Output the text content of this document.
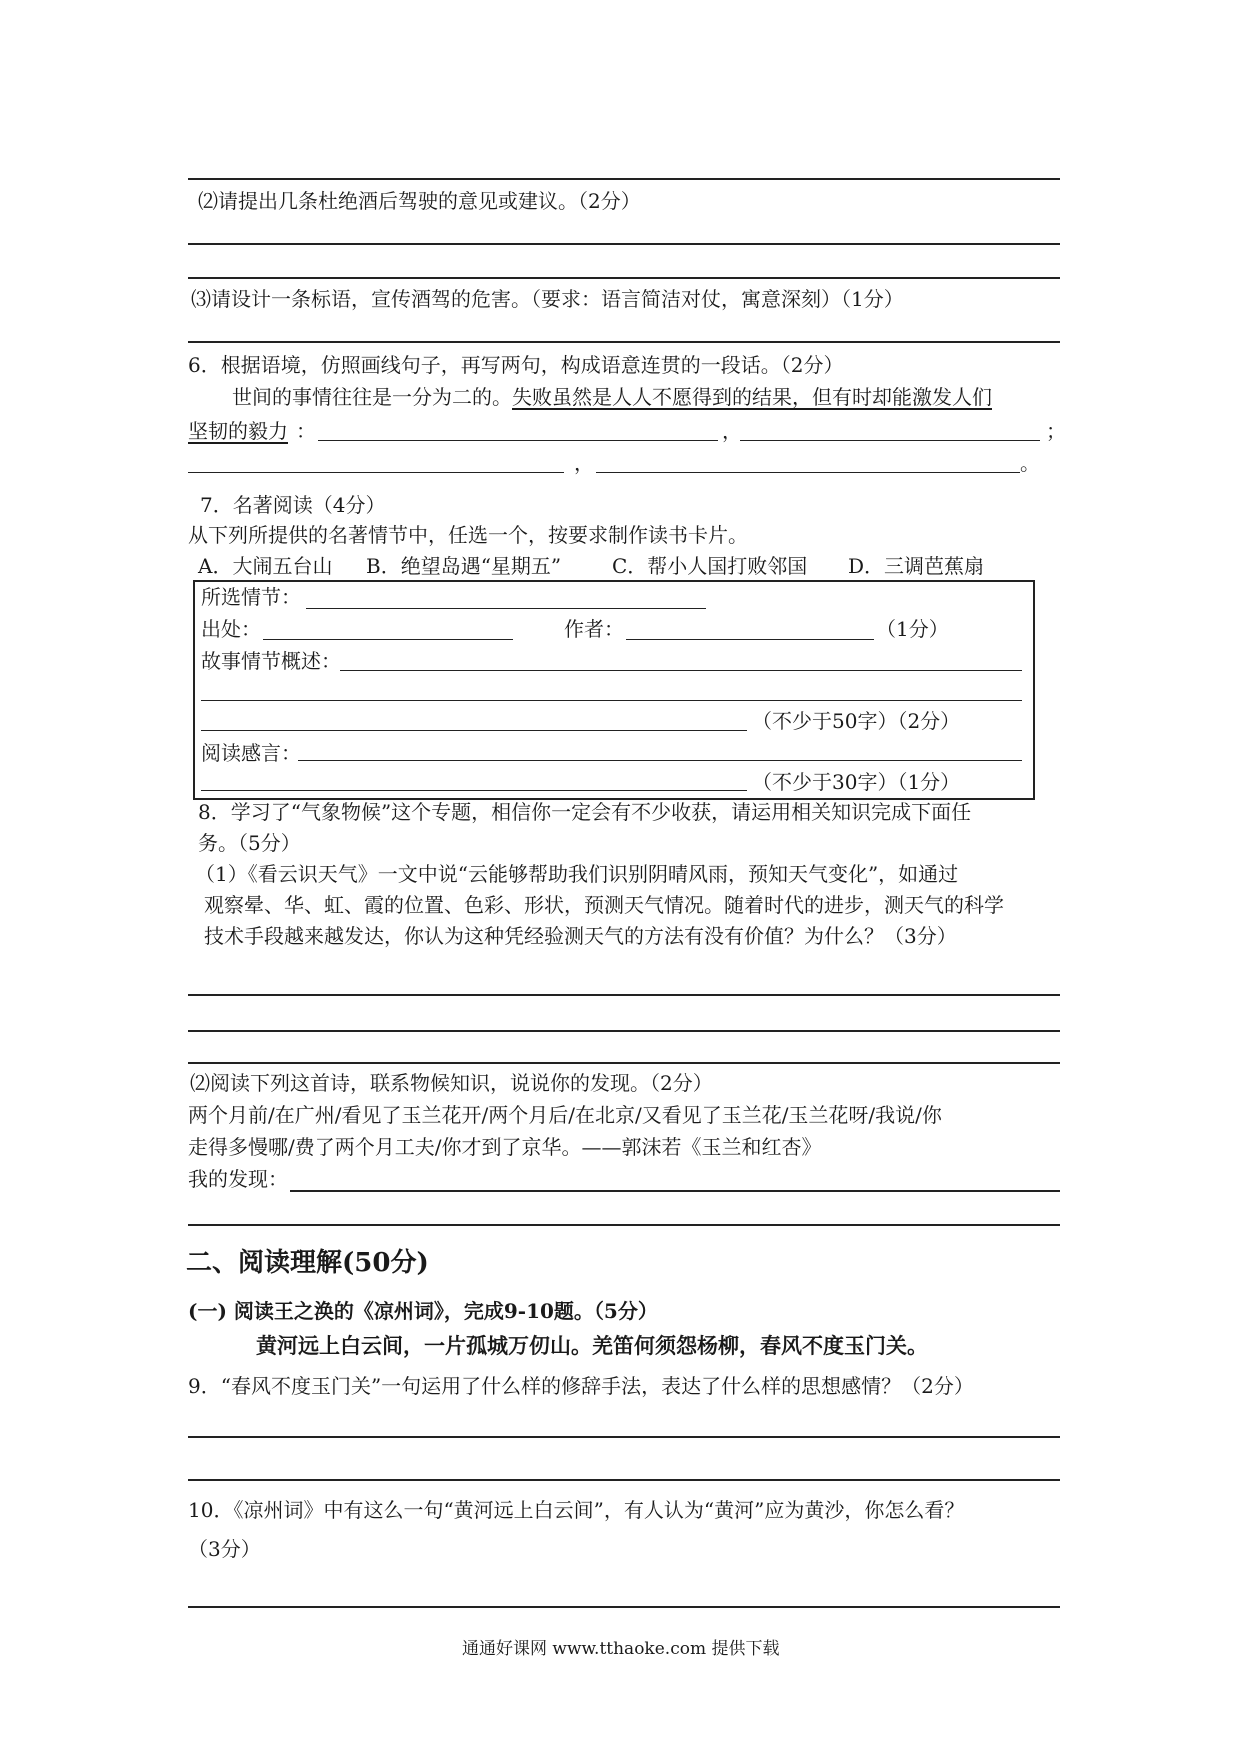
⑵请提出几条杜绝酒后驾驶的意见或建议。（2分）
⑶请设计一条标语，宣传酒驾的危害。（要求：语言简洁对仗，寓意深刻）（1分）
6．根据语境，仿照画线句子，再写两句，构成语意连贯的一段话。（2分）
世间的事情往往是一分为二的。失败虽然是人人不愿得到的结果，但有时却能激发人们
坚韧的毅力 ：	，	；
，	。
7．名著阅读（4分）
从下列所提供的名著情节中，任选一个，按要求制作读书卡片。
A．大闹五台山 B．绝望岛遇“星期五”	C．帮小人国打败邻国 D．三调芭蕉扇
所选情节：
出处：	作者：	（1分）
故事情节概述：
（不少于50字）（2分）
阅读感言：
（不少于30字）（1分）
8．学习了“气象物候”这个专题，相信你一定会有不少收获，请运用相关知识完成下面任
务。（5分）
（1）《看云识天气》一文中说“云能够帮助我们识别阴晴风雨，预知天气变化”，如通过
观察晕、华、虹、霞的位置、色彩、形状，预测天气情况。随着时代的进步，测天气的科学
技术手段越来越发达，你认为这种凭经验测天气的方法有没有价值？为什么？（3分）
⑵阅读下列这首诗，联系物候知识，说说你的发现。（2分）
两个月前/在广州/看见了玉兰花开/两个月后/在北京/又看见了玉兰花/玉兰花呀/我说/你
走得多慢哪/费了两个月工夫/你才到了京华。——郭沫若《玉兰和红杏》
我的发现：
二、阅读理解(50分)
(一) 阅读王之涣的《凉州词》，完成9-10题。（5分）
黄河远上白云间，一片孤城万仞山。羌笛何须怨杨柳，春风不度玉门关。
9．“春风不度玉门关”一句运用了什么样的修辞手法，表达了什么样的思想感情？（2分）
10．《凉州词》中有这么一句“黄河远上白云间”，有人认为“黄河”应为黄沙，你怎么看？
（3分）
通通好课网 www.tthaoke.com 提供下载
